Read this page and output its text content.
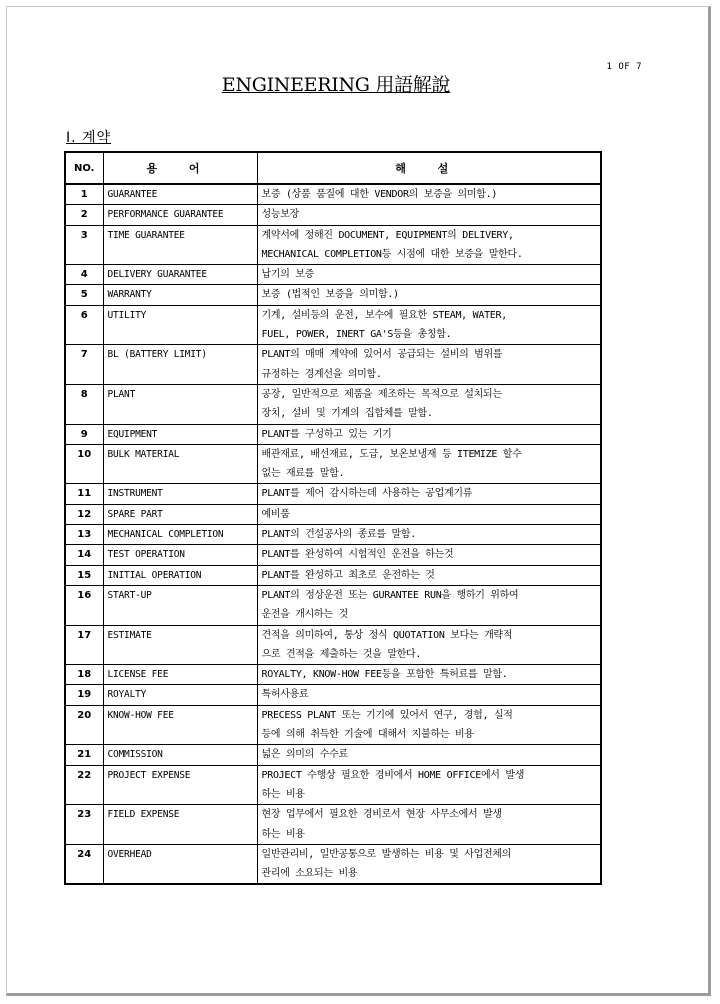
1 OF 7
ENGINEERING 用語解說
Ⅰ. 계약
NO.	용 어	해 설
1	GUARANTEE	보증 (상품 품질에 대한 VENDOR의 보증을 의미함.)

2	PERFORMANCE GUARANTEE	성능보장

3	TIME GUARANTEE	계약서에 정해진 DOCUMENT, EQUIPMENT의 DELIVERY,
MECHANICAL COMPLETION등 시점에 대한 보증을 말한다.

4	DELIVERY GUARANTEE	납기의 보증

5	WARRANTY	보증 (법적인 보증을 의미함.)

6	UTILITY	기계, 설비등의 운전, 보수에 필요한 STEAM, WATER,
FUEL, POWER, INERT GA'S등을 총칭함.

7	BL (BATTERY LIMIT)	PLANT의 매매 계약에 있어서 공급되는 설비의 범위를
규정하는 경계선을 의미함.

8	PLANT	공장, 일반적으로 제품을 제조하는 목적으로 설치되는
장치, 설비 및 기계의 집합체를 말함.

9	EQUIPMENT	PLANT를 구성하고 있는 기기

10	BULK MATERIAL	배관재료, 배선재료, 도급, 보온보냉재 등 ITEMIZE 할수
없는 재료를 말함.

11	INSTRUMENT	PLANT를 제어 감시하는데 사용하는 공업계기류

12	SPARE PART	예비품

13	MECHANICAL COMPLETION	PLANT의 건설공사의 종료를 말함.

14	TEST OPERATION	PLANT를 완성하여 시험적인 운전을 하는것

15	INITIAL OPERATION	PLANT를 완성하고 최초로 운전하는 것

16	START-UP	PLANT의 정상운전 또는 GURANTEE RUN을 행하기 위하여
운전을 개시하는 것

17	ESTIMATE	견적을 의미하여, 통상 정식 QUOTATION 보다는 개략적
으로 견적을 제출하는 것을 말한다.

18	LICENSE FEE	ROYALTY, KNOW-HOW FEE등을 포함한 특허료를 말함.

19	ROYALTY	특허사용료

20	KNOW-HOW FEE	PRECESS PLANT 또는 기기에 있어서 연구, 경험, 실적
등에 의해 취득한 기술에 대해서 지불하는 비용

21	COMMISSION	넓은 의미의 수수료

22	PROJECT EXPENSE	PROJECT 수행상 필요한 경비에서 HOME OFFICE에서 발생
하는 비용

23	FIELD EXPENSE	현장 업무에서 필요한 경비로서 현장 사무소에서 발생
하는 비용

24	OVERHEAD	일반관리비, 일반공통으로 발생하는 비용 및 사업전체의
관리에 소요되는 비용
